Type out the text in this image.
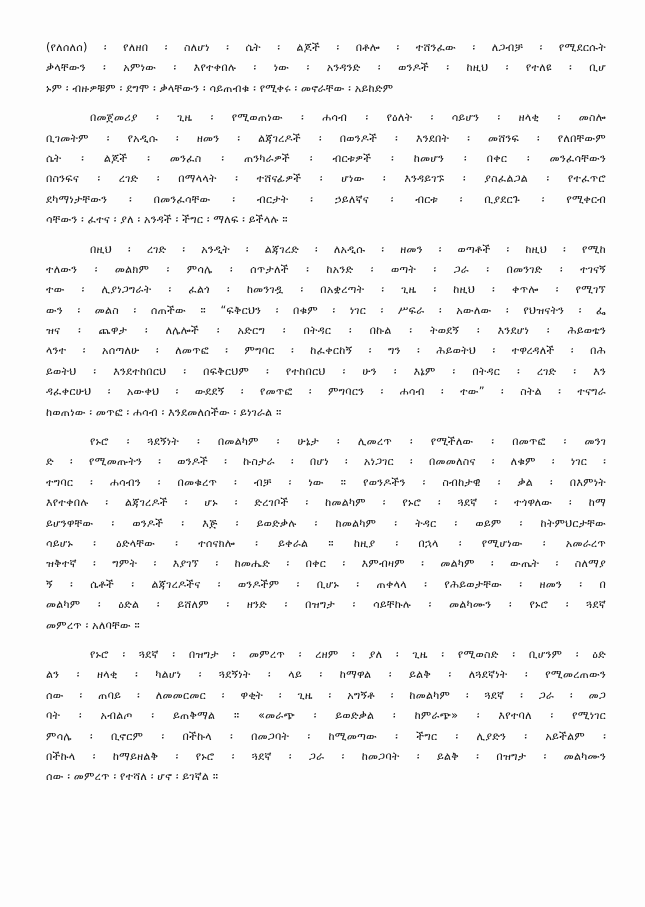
(የለሰለሰ) ፡ የለዘበ ፡ ስለሆነ ፡ ሴት ፡ ልጆች ፡ በቶሎ ፡ ተሸንፈው ፡ ለጋብቻ ፡ የሚደርሱት
ቃላቸውን ፡ አምነው ፡ እየተቀበሉ ፡ ነው ፡ አንዳንድ ፡ ወንዶች ፡ ከዚህ ፡ የተለዩ ፡ ቢሆ
ኑም ፡ ብዙዎቹም ፡ ደግሞ ፡ ቃላቸውን ፡ ሳይጠብቁ ፡ የሚቀሩ ፡ መኖራቸው ፡ አይከድም
በመጀመሪያ ፡ ጊዜ ፡ የሚወጠነው ፡ ሐሳብ ፡ የዕለት ፡ ሳይሆን ፡ ዘላቂ ፡ መስሎ
ቢገመትም ፡ የአዲሱ ፡ ዘመን ፡ ልጃገረዶች ፡ በወንዶች ፡ እንደበት ፡ መሸንፍ ፡ የለበቸውም
ሴት ፡ ልጆች ፡ መንፈስ ፡ ጠንካራዎች ፡ ብርቱዎች ፡ ከመሆን ፡ በቀር ፡ መንፈሳቸውን
በስንፍና ፡ ረገድ ፡ በማላላት ፡ ተሸናፊዎች ፡ ሆነው ፡ እንዳይገኙ ፡ ያስፈልጋል ፡ የተፈጥሮ
ደካማነታቸውን ፡ በመንፈሳቸው ፡ ብርታት ፡ ኃይለኛና ፡ ብርቱ ፡ ቢያደርጉ ፡ የሚቀርብ
ሳቸውን ፡ ፈተና ፡ ያለ ፡ አንዳች ፡ ችግር ፡ ማለፍ ፡ ይችላሉ ።
በዚህ ፡ ረገድ ፡ አንዲት ፡ ልጃገረድ ፡ ለአዲሱ ፡ ዘመን ፡ ወጣቶች ፡ ከዚህ ፡ የሚከ
ተለውን ፡ መልክም ፡ ምሳሌ ፡ ሰጥታለች ፡ ከአንድ ፡ ወጣት ፡ ጋራ ፡ በመንገድ ፡ ተገናኝ
ተው ፡ ሊያነጋግራት ፡ ፈልጎ ፡ ከመንገዷ ፡ በአቋረጣት ፡ ጊዜ ፡ ከዚህ ፡ ቀጥሎ ፡ የሚገኘ
ውን ፡ መልስ ፡ ሰጠችው ። “ፍቅርህን ፡ በቁም ፡ ነገር ፡ ሥፍራ ፡ አውለው ፡ የህዝናትን ፡ ፌ
ዝና ፡ ጨዋታ ፡ ለሌሎች ፡ አድርግ ፡ በትዳር ፡ በኩል ፡ ትወደኝ ፡ እንደሆነ ፡ ሕይወቴን
ላንተ ፡ አሰጣለሁ ፡ ለመጥፎ ፡ ምግባር ፡ ከፈቀርከኝ ፡ ግን ፡ ሕይወትህ ፡ ተዋረዳለች ፡ በሕ
ይወትህ ፡ እንደተከበርህ ፡ በፍቅርህም ፡ የተከበርህ ፡ ሁን ፡ እኔም ፡ በትዳር ፡ ረገድ ፡ እን
ዳፈቀርሁህ ፡ አውቀህ ፡ ውደደኝ ፡ የመጥፎ ፡ ምግባርን ፡ ሐሳብ ፡ ተው” ፡ ስትል ፡ ተናግራ
ከወጠነው ፡ መጥፎ ፡ ሐሳብ ፡ እንደመለሰችው ፡ ይነገራል ።
የኑሮ ፡ ጓደኝነት ፡ በመልካም ፡ ሁኔታ ፡ ሊመረጥ ፡ የሚችለው ፡ በመጥፎ ፡ መንገ
ድ ፡ የሚመጡትን ፡ ወንዶች ፡ ኩስታራ ፡ በሆነ ፡ አነጋገር ፡ በመመለስና ፡ ለቁም ፡ ነገር ፡
ተግባር ፡ ሐሳብን ፡ በመቁረጥ ፡ ብቻ ፡ ነው ። የወንዶችን ፡ ስብከታዊ ፡ ቃል ፡ በእምነት
እየተቀበሉ ፡ ልጃገረዶች ፡ ሆኑ ፡ ድረገቦች ፡ ከመልካም ፡ የኑሮ ፡ ጓደኛ ፡ ተጎዋለው ፡ ከማ
ይሆንዋቸው ፡ ወንዶች ፡ እጅ ፡ ይወድቃሉ ፡ ከመልካም ፡ ትዳር ፡ ወይም ፡ ከትምህርታቸው
ሳይሆኑ ፡ ዕድላቸው ፡ ተሰናክሎ ፡ ይቀራል ። ከዚያ ፡ በኋላ ፡ የሚሆነው ፡ አመራረጥ
ዝቅተኛ ፡ ግምት ፡ እያገኘ ፡ ከመሔድ ፡ በቀር ፡ እምብዛም ፡ መልካም ፡ ውጤት ፡ ስለማያ
ኝ ፡ ሴቶች ፡ ልጃገረዶችና ፡ ወንዶችም ፡ ቢሆኑ ፡ ጠቀላላ ፡ የሕይወታቸው ፡ ዘመን ፡ በ
መልካም ፡ ዕድል ፡ ይሸለም ፡ ዘንድ ፡ በዝግታ ፡ ሳይቸኩሉ ፡ መልካሙን ፡ የኑሮ ፡ ጓደኛ
መምረጥ ፡ አለባቸው ።
የኑሮ ፡ ጓደኛ ፡ በዝግታ ፡ መምረጥ ፡ ረዘም ፡ ያለ ፡ ጊዜ ፡ የሚወስድ ፡ ቢሆንም ፡ ዕድ
ልን ፡ ዘላቂ ፡ ካልሆነ ፡ ጓደኝነት ፡ ላይ ፡ ከማዋል ፡ ይልቅ ፡ ለጓደኛነት ፡ የሚመረጠውን
ሰው ፡ ጠባይ ፡ ለመመርመር ፡ ዋቂት ፡ ጊዜ ፡ አግኝቶ ፡ ከመልካም ፡ ጓደኛ ፡ ጋራ ፡ መጋ
ባት ፡ አብልጦ ፡ ይጠቅማል ። «መራጭ ፡ ይወድቃል ፡ ከምራጭ» ፡ እየተባለ ፡ የሚነገር
ምሳሌ ፡ ቢኖርም ፡ በችኩላ ፡ በመጋባት ፡ ከሚመጣው ፡ ችግር ፡ ሊያድን ፡ አይችልም ፡
በችኩላ ፡ ከማይዘልቅ ፡ የኑሮ ፡ ጓደኛ ፡ ጋራ ፡ ከመጋባት ፡ ይልቅ ፡ በዝግታ ፡ መልካሙን
ሰው ፡ መምረጥ ፡ የተሻለ ፡ ሆኖ ፡ ይገኛል ።
